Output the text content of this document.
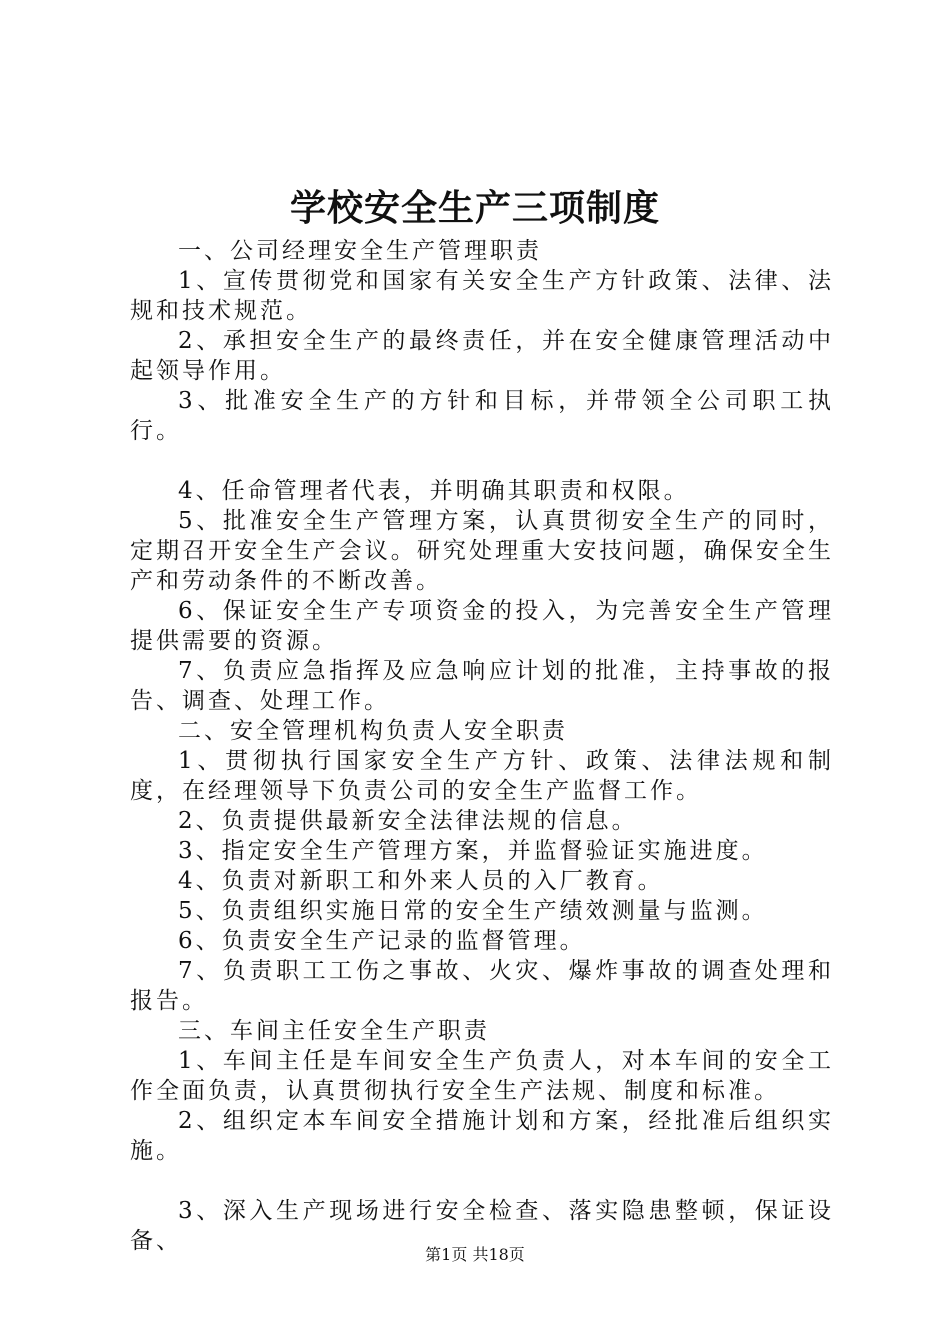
学校安全生产三项制度

一、公司经理安全生产管理职责

1、宣传贯彻党和国家有关安全生产方针政策、法律、法规和技术规范。

2、承担安全生产的最终责任，并在安全健康管理活动中起领导作用。

3、批准安全生产的方针和目标，并带领全公司职工执行。

4、任命管理者代表，并明确其职责和权限。

5、批准安全生产管理方案，认真贯彻安全生产的同时，定期召开安全生产会议。研究处理重大安技问题，确保安全生产和劳动条件的不断改善。

6、保证安全生产专项资金的投入，为完善安全生产管理提供需要的资源。

7、负责应急指挥及应急响应计划的批准，主持事故的报告、调查、处理工作。

二、安全管理机构负责人安全职责

1、贯彻执行国家安全生产方针、政策、法律法规和制度，在经理领导下负责公司的安全生产监督工作。

2、负责提供最新安全法律法规的信息。

3、指定安全生产管理方案，并监督验证实施进度。

4、负责对新职工和外来人员的入厂教育。

5、负责组织实施日常的安全生产绩效测量与监测。

6、负责安全生产记录的监督管理。

7、负责职工工伤之事故、火灾、爆炸事故的调查处理和报告。

三、车间主任安全生产职责

1、车间主任是车间安全生产负责人，对本车间的安全工作全面负责，认真贯彻执行安全生产法规、制度和标准。

2、组织定本车间安全措施计划和方案，经批准后组织实施。

3、深入生产现场进行安全检查、落实隐患整顿，保证设备、

第1页 共18页
